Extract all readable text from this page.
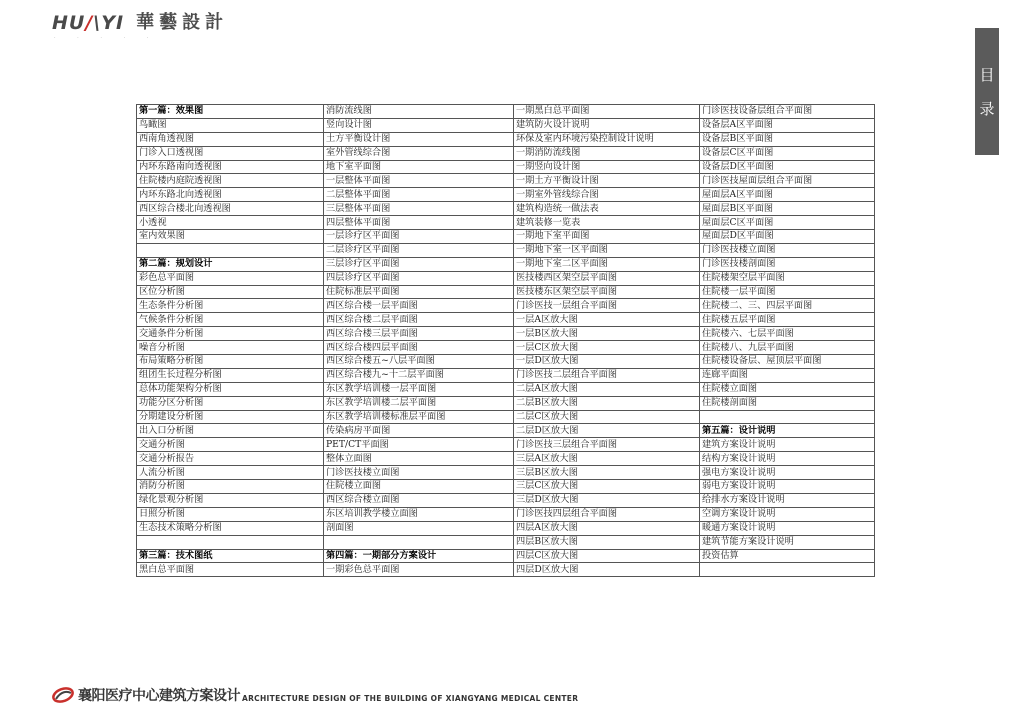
HU/\YI 華藝設計
· · · · ·
目
录
第一篇：效果图	消防流线图	一期黑白总平面图	门诊医技设备层组合平面图
鸟瞰图	竖向设计图	建筑防火设计说明	设备层A区平面图
西南角透视图	土方平衡设计图	环保及室内环境污染控制设计说明	设备层B区平面图
门诊入口透视图	室外管线综合图	一期消防流线图	设备层C区平面图
内环东路南向透视图	地下室平面图	一期竖向设计图	设备层D区平面图
住院楼内庭院透视图	一层整体平面图	一期土方平衡设计图	门诊医技屋面层组合平面图
内环东路北向透视图	二层整体平面图	一期室外管线综合图	屋面层A区平面图
西区综合楼北向透视图	三层整体平面图	建筑构造统一做法表	屋面层B区平面图
小透视	四层整体平面图	建筑装修一览表	屋面层C区平面图
室内效果图	一层诊疗区平面图	一期地下室平面图	屋面层D区平面图
	二层诊疗区平面图	一期地下室一区平面图	门诊医技楼立面图
第二篇：规划设计	三层诊疗区平面图	一期地下室二区平面图	门诊医技楼剖面图
彩色总平面图	四层诊疗区平面图	医技楼西区架空层平面图	住院楼架空层平面图
区位分析图	住院标准层平面图	医技楼东区架空层平面图	住院楼一层平面图
生态条件分析图	西区综合楼一层平面图	门诊医技一层组合平面图	住院楼二、三、四层平面图
气候条件分析图	西区综合楼二层平面图	一层A区放大图	住院楼五层平面图
交通条件分析图	西区综合楼三层平面图	一层B区放大图	住院楼六、七层平面图
噪音分析图	西区综合楼四层平面图	一层C区放大图	住院楼八、九层平面图
布局策略分析图	西区综合楼五~八层平面图	一层D区放大图	住院楼设备层、屋顶层平面图
组团生长过程分析图	西区综合楼九~十二层平面图	门诊医技二层组合平面图	连廊平面图
总体功能架构分析图	东区教学培训楼一层平面图	二层A区放大图	住院楼立面图
功能分区分析图	东区教学培训楼二层平面图	二层B区放大图	住院楼剖面图
分期建设分析图	东区教学培训楼标准层平面图	二层C区放大图	
出入口分析图	传染病房平面图	二层D区放大图	第五篇：设计说明
交通分析图	PET/CT平面图	门诊医技三层组合平面图	建筑方案设计说明
交通分析报告	整体立面图	三层A区放大图	结构方案设计说明
人流分析图	门诊医技楼立面图	三层B区放大图	强电方案设计说明
消防分析图	住院楼立面图	三层C区放大图	弱电方案设计说明
绿化景观分析图	西区综合楼立面图	三层D区放大图	给排水方案设计说明
日照分析图	东区培训教学楼立面图	门诊医技四层组合平面图	空调方案设计说明
生态技术策略分析图	剖面图	四层A区放大图	暖通方案设计说明
		四层B区放大图	建筑节能方案设计说明
第三篇：技术图纸	第四篇：一期部分方案设计	四层C区放大图	投资估算
黑白总平面图	一期彩色总平面图	四层D区放大图	
襄阳医疗中心建筑方案设计 ARCHITECTURE DESIGN OF THE BUILDING OF XIANGYANG MEDICAL CENTER
